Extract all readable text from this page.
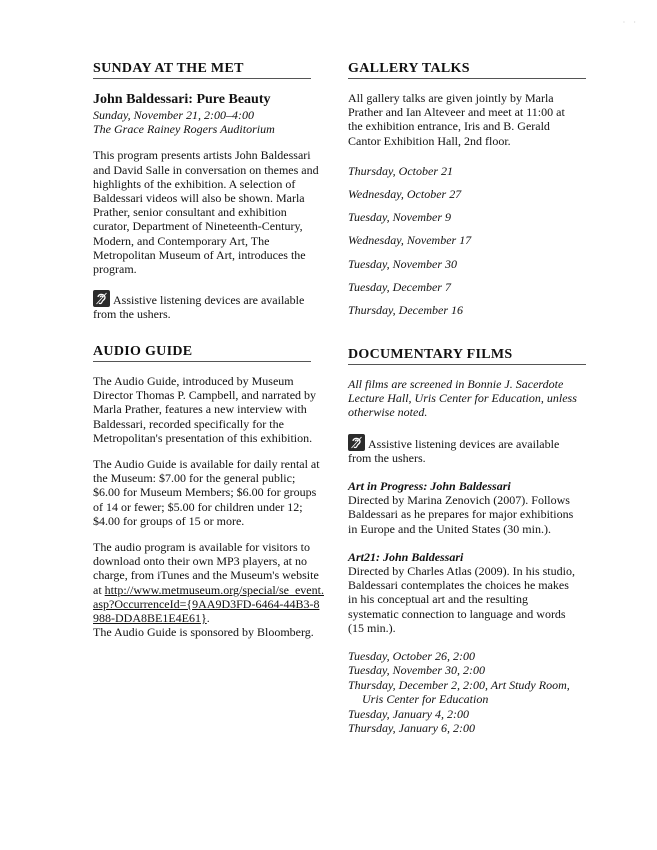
· ·
SUNDAY AT THE MET

John Baldessari: Pure Beauty

Sunday, November 21, 2:00–4:00

The Grace Rainey Rogers Auditorium

This program presents artists John Baldessari and David Salle in conversation on themes and highlights of the exhibition. A selection of Baldessari videos will also be shown. Marla Prather, senior consultant and exhibition curator, Department of Nineteenth-Century, Modern, and Contemporary Art, The Metropolitan Museum of Art, introduces the program.

Assistive listening devices are available from the ushers.

AUDIO GUIDE

The Audio Guide, introduced by Museum Director Thomas P. Campbell, and narrated by Marla Prather, features a new interview with Baldessari, recorded specifically for the Metropolitan's presentation of this exhibition.

The Audio Guide is available for daily rental at the Museum: $7.00 for the general public; $6.00 for Museum Members; $6.00 for groups of 14 or fewer; $5.00 for children under 12; $4.00 for groups of 15 or more.

The audio program is available for visitors to download onto their own MP3 players, at no charge, from iTunes and the Museum's website at http://www.metmuseum.org/special/se_event.asp?OccurrenceId={9AA9D3FD-6464-44B3-8988-DDA8BE1E4E61}.

The Audio Guide is sponsored by Bloomberg.

GALLERY TALKS

All gallery talks are given jointly by Marla Prather and Ian Alteveer and meet at 11:00 at the exhibition entrance, Iris and B. Gerald Cantor Exhibition Hall, 2nd floor.

Thursday, October 21

Wednesday, October 27

Tuesday, November 9

Wednesday, November 17

Tuesday, November 30

Tuesday, December 7

Thursday, December 16

DOCUMENTARY FILMS

All films are screened in Bonnie J. Sacerdote Lecture Hall, Uris Center for Education, unless otherwise noted.

Assistive listening devices are available from the ushers.

Art in Progress: John Baldessari

Directed by Marina Zenovich (2007). Follows Baldessari as he prepares for major exhibitions in Europe and the United States (30 min.).

Art21: John Baldessari

Directed by Charles Atlas (2009). In his studio, Baldessari contemplates the choices he makes in his conceptual art and the resulting systematic connection to language and words (15 min.).

Tuesday, October 26, 2:00

Tuesday, November 30, 2:00

Thursday, December 2, 2:00, Art Study Room,

Uris Center for Education

Tuesday, January 4, 2:00

Thursday, January 6, 2:00
